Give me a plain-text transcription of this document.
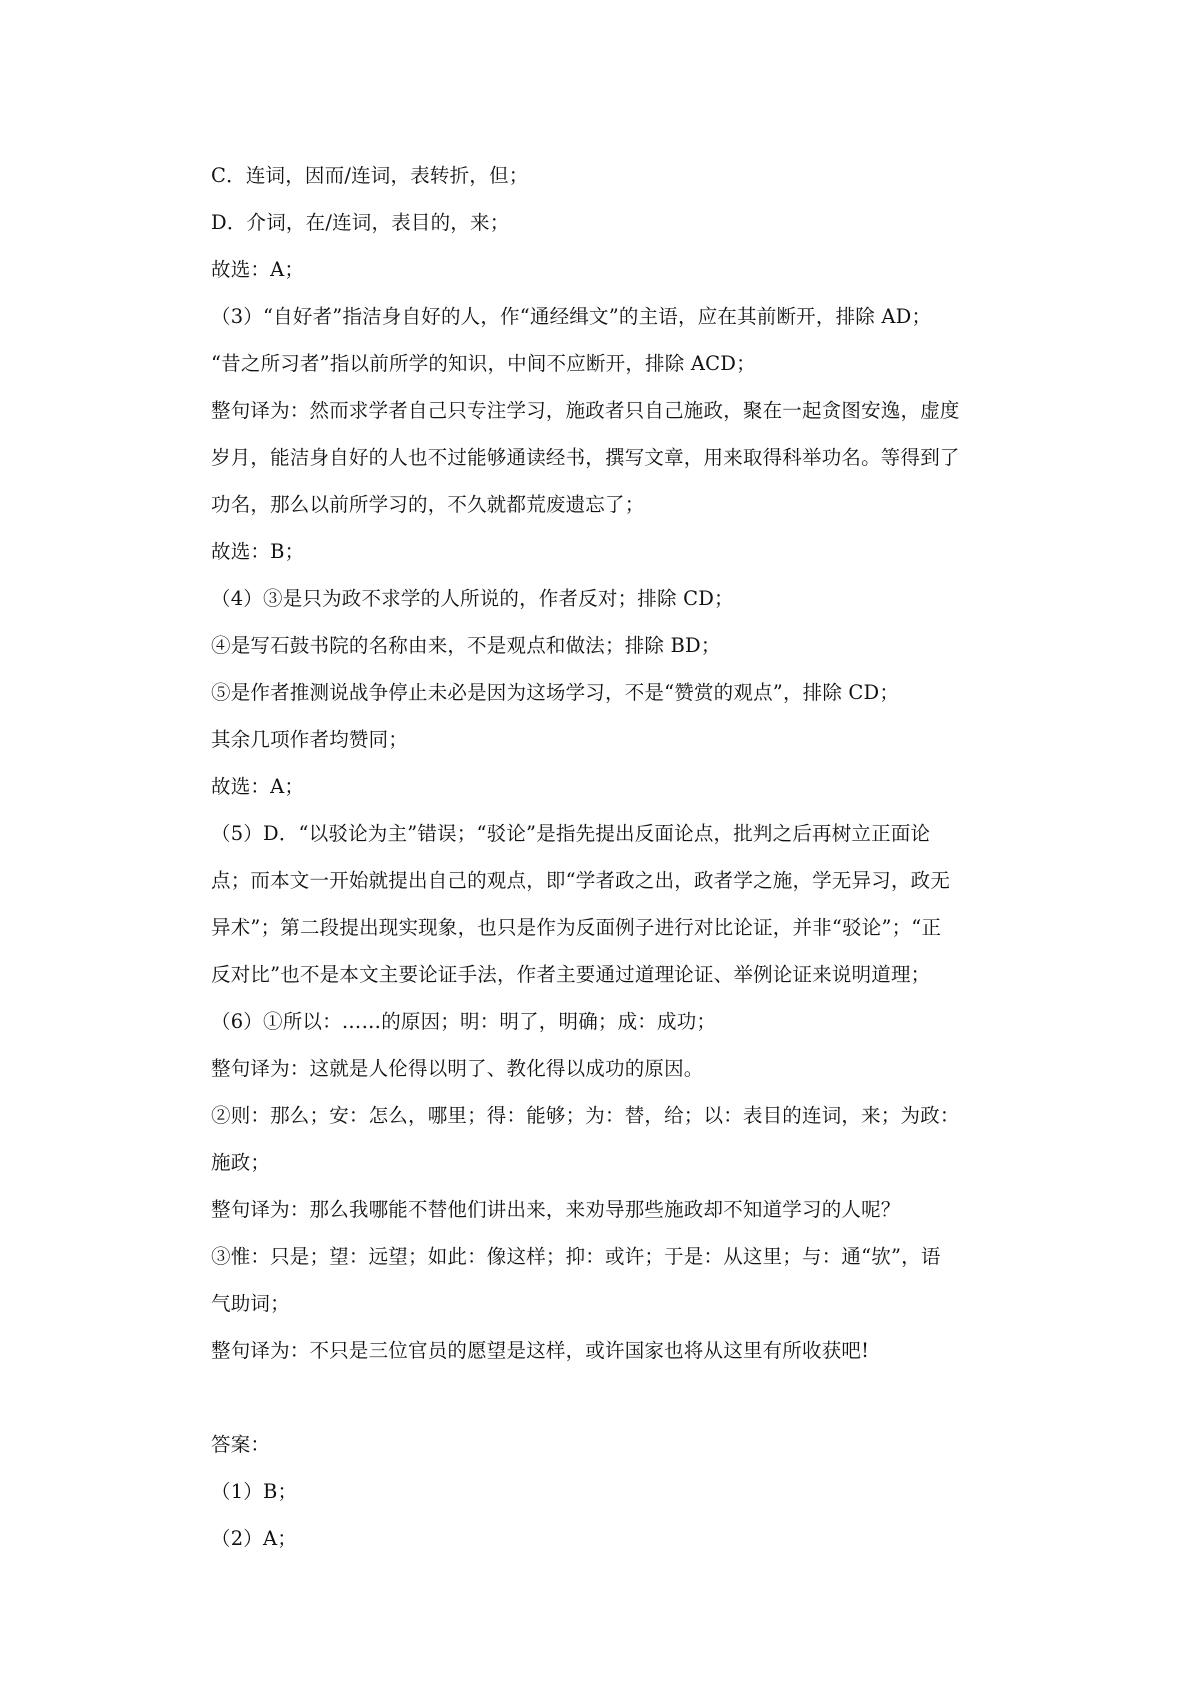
C．连词，因而/连词，表转折，但；
D．介词，在/连词，表目的，来；
故选：A；
（3）“自好者”指洁身自好的人，作“通经缉文”的主语，应在其前断开，排除 AD；
“昔之所习者”指以前所学的知识，中间不应断开，排除 ACD；
整句译为：然而求学者自己只专注学习，施政者只自己施政，聚在一起贪图安逸，虚度
岁月，能洁身自好的人也不过能够通读经书，撰写文章，用来取得科举功名。等得到了
功名，那么以前所学习的，不久就都荒废遗忘了；
故选：B；
（4）③是只为政不求学的人所说的，作者反对；排除 CD；
④是写石鼓书院的名称由来，不是观点和做法；排除 BD；
⑤是作者推测说战争停止未必是因为这场学习，不是“赞赏的观点”，排除 CD；
其余几项作者均赞同；
故选：A；
（5）D．“以驳论为主”错误；“驳论”是指先提出反面论点，批判之后再树立正面论
点；而本文一开始就提出自己的观点，即“学者政之出，政者学之施，学无异习，政无
异术”；第二段提出现实现象，也只是作为反面例子进行对比论证，并非“驳论”；“正
反对比”也不是本文主要论证手法，作者主要通过道理论证、举例论证来说明道理；
（6）①所以：……的原因；明：明了，明确；成：成功；
整句译为：这就是人伦得以明了、教化得以成功的原因。
②则：那么；安：怎么，哪里；得：能够；为：替，给；以：表目的连词，来；为政：
施政；
整句译为：那么我哪能不替他们讲出来，来劝导那些施政却不知道学习的人呢？
③惟：只是；望：远望；如此：像这样；抑：或许；于是：从这里；与：通“欤”，语
气助词；
整句译为：不只是三位官员的愿望是这样，或许国家也将从这里有所收获吧!
答案：
（1）B；
（2）A；
